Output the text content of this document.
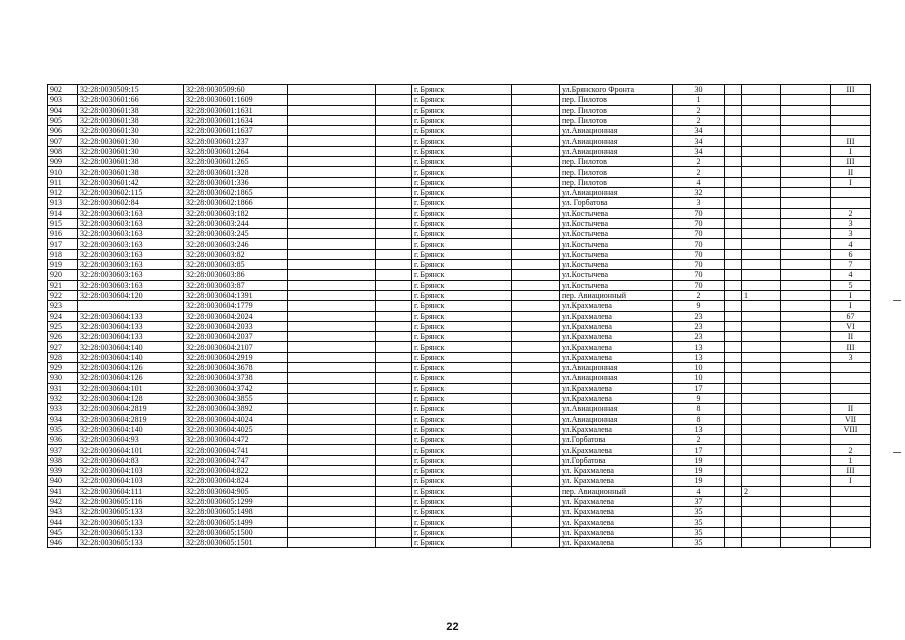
902	32:28:0030509:15	32:28:0030509:60			г. Брянск		ул.Брянского Фронта	30				III
903	32:28:0030601:66	32:28:0030601:1609			г. Брянск		пер. Пилотов	1				
904	32:28:0030601:38	32:28:0030601:1631			г. Брянск		пер. Пилотов	2				
905	32:28:0030601:38	32:28:0030601:1634			г. Брянск		пер. Пилотов	2				
906	32:28:0030601:30	32:28:0030601:1637			г. Брянск		ул.Авиационная	34				
907	32:28:0030601:30	32:28:0030601:237			г. Брянск		ул.Авиационная	34				III
908	32:28:0030601:30	32:28:0030601:264			г. Брянск		ул.Авиационная	34				I
909	32:28:0030601:38	32:28:0030601:265			г. Брянск		пер. Пилотов	2				III
910	32:28:0030601:38	32:28:0030601:328			г. Брянск		пер. Пилотов	2				II
911	32:28:0030601:42	32:28:0030601:336			г. Брянск		пер. Пилотов	4				I
912	32:28:0030602:115	32:28:0030602:1865			г. Брянск		ул.Авиационная	32				
913	32:28:0030602:84	32:28:0030602:1866			г. Брянск		ул. Горбатова	3				
914	32:28:0030603:163	32:28:0030603:182			г. Брянск		ул.Костычева	70				2
915	32:28:0030603:163	32:28:0030603:244			г. Брянск		ул.Костычева	70				3
916	32:28:0030603:163	32:28:0030603:245			г. Брянск		ул.Костычева	70				3
917	32:28:0030603:163	32:28:0030603:246			г. Брянск		ул.Костычева	70				4
918	32:28:0030603:163	32:28:0030603:82			г. Брянск		ул.Костычева	70				6
919	32:28:0030603:163	32:28:0030603:85			г. Брянск		ул.Костычева	70				7
920	32:28:0030603:163	32:28:0030603:86			г. Брянск		ул.Костычева	70				4
921	32:28:0030603:163	32:28:0030603:87			г. Брянск		ул.Костычева	70				5
922	32:28:0030604:120	32:28:0030604:1391			г. Брянск		пер. Авиационный	2		1		I
923		32:28:0030604:1779			г. Брянск		ул.Крахмалева	9				I
924	32:28:0030604:133	32:28:0030604:2024			г. Брянск		ул.Крахмалева	23				67
925	32:28:0030604:133	32:28:0030604:2033			г. Брянск		ул.Крахмалева	23				VI
926	32:28:0030604:133	32:28:0030604:2037			г. Брянск		ул.Крахмалева	23				II
927	32:28:0030604:140	32:28:0030604:2107			г. Брянск		ул.Крахмалева	13				III
928	32:28:0030604:140	32:28:0030604:2919			г. Брянск		ул.Крахмалева	13				3
929	32:28:0030604:126	32:28:0030604:3678			г. Брянск		ул.Авиационная	10				
930	32:28:0030604:126	32:28:0030604:3738			г. Брянск		ул.Авиационная	10				
931	32:28:0030604:101	32:28:0030604:3742			г. Брянск		ул.Крахмалева	17				
932	32:28:0030604:128	32:28:0030604:3855			г. Брянск		ул.Крахмалева	9				
933	32:28:0030604:2819	32:28:0030604:3892			г. Брянск		ул.Авиационная	8				II
934	32:28:0030604:2819	32:28:0030604:4024			г. Брянск		ул.Авиационная	8				VII
935	32:28:0030604:140	32:28:0030604:4025			г. Брянск		ул.Крахмалева	13				VIII
936	32:28:0030604:93	32:28:0030604:472			г. Брянск		ул.Горбатова	2				
937	32:28:0030604:101	32:28:0030604:741			г. Брянск		ул.Крахмалева	17				2
938	32:28:0030604:83	32:28:0030604:747			г. Брянск		ул.Горбатова	19				1
939	32:28:0030604:103	32:28:0030604:822			г. Брянск		ул. Крахмалева	19				III
940	32:28:0030604:103	32:28:0030604:824			г. Брянск		ул. Крахмалева	19				I
941	32:28:0030604:111	32:28:0030604:905			г. Брянск		пер. Авиационный	4		2		
942	32:28:0030605:116	32:28:0030605:1299			г. Брянск		ул. Крахмалева	37				
943	32:28:0030605:133	32:28:0030605:1498			г. Брянск		ул. Крахмалева	35				
944	32:28:0030605:133	32:28:0030605:1499			г. Брянск		ул. Крахмалева	35				
945	32:28:0030605:133	32:28:0030605:1500			г. Брянск		ул. Крахмалева	35				
946	32:28:0030605:133	32:28:0030605:1501			г. Брянск		ул. Крахмалева	35				
22
